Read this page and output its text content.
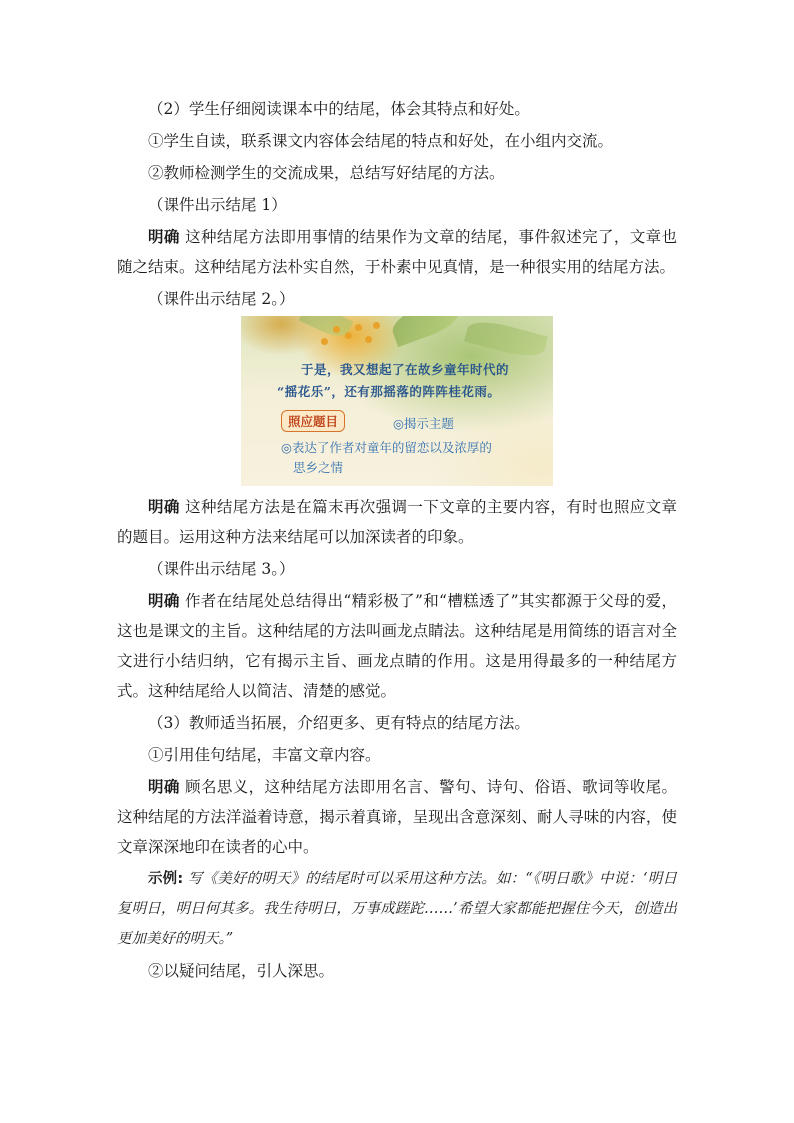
（2）学生仔细阅读课本中的结尾，体会其特点和好处。

①学生自读，联系课文内容体会结尾的特点和好处，在小组内交流。

②教师检测学生的交流成果，总结写好结尾的方法。

（课件出示结尾 1）

明确 这种结尾方法即用事情的结果作为文章的结尾，事件叙述完了，文章也随之结束。这种结尾方法朴实自然，于朴素中见真情，是一种很实用的结尾方法。

（课件出示结尾 2。）

于是，我又想起了在故乡童年时代的
“摇花乐”，还有那摇落的阵阵桂花雨。
照应题目	◎揭示主题
◎表达了作者对童年的留恋以及浓厚的
思乡之情

明确 这种结尾方法是在篇末再次强调一下文章的主要内容，有时也照应文章的题目。运用这种方法来结尾可以加深读者的印象。

（课件出示结尾 3。）

明确 作者在结尾处总结得出“精彩极了”和“槽糕透了”其实都源于父母的爱，这也是课文的主旨。这种结尾的方法叫画龙点睛法。这种结尾是用简练的语言对全文进行小结归纳，它有揭示主旨、画龙点睛的作用。这是用得最多的一种结尾方式。这种结尾给人以简洁、清楚的感觉。

（3）教师适当拓展，介绍更多、更有特点的结尾方法。

①引用佳句结尾，丰富文章内容。

明确 顾名思义，这种结尾方法即用名言、警句、诗句、俗语、歌词等收尾。这种结尾的方法洋溢着诗意，揭示着真谛，呈现出含意深刻、耐人寻味的内容，使文章深深地印在读者的心中。

示例: 写《美好的明天》的结尾时可以采用这种方法。如：“《明日歌》中说：‘明日复明日，明日何其多。我生待明日，万事成蹉跎……’希望大家都能把握住今天，创造出更加美好的明天。”

②以疑问结尾，引人深思。
